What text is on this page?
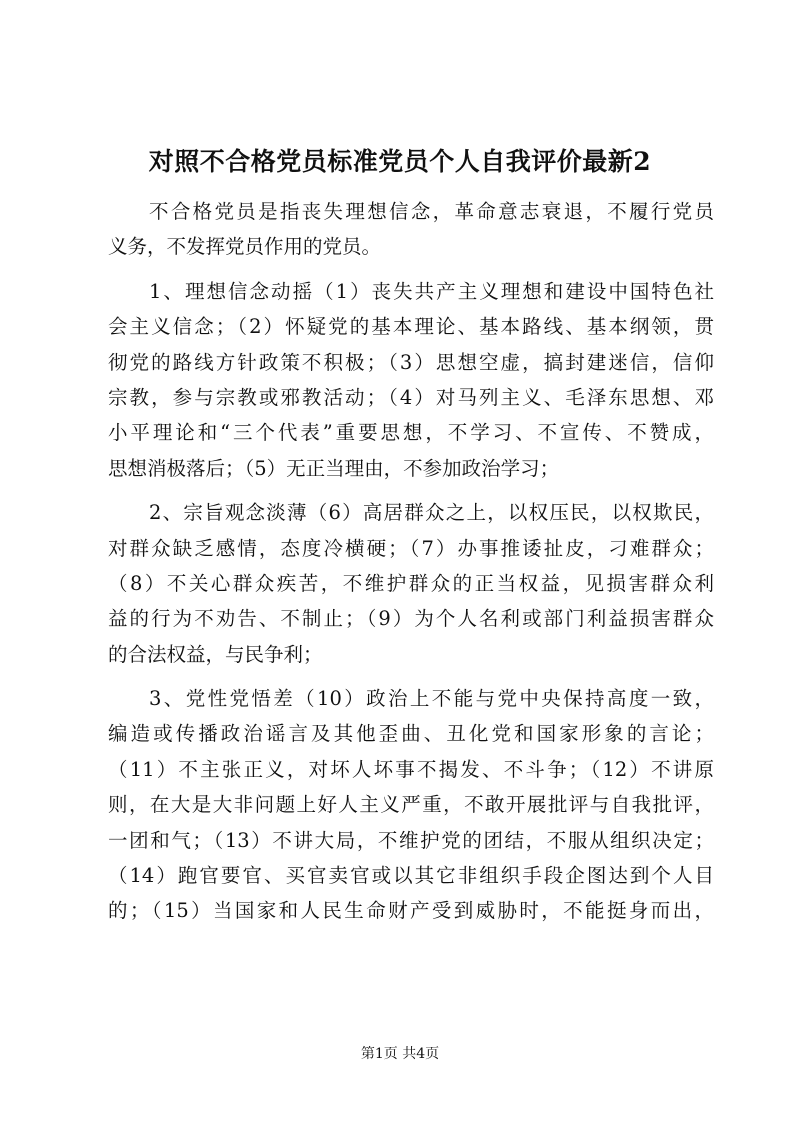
对照不合格党员标准党员个人自我评价最新2
不合格党员是指丧失理想信念，革命意志衰退，不履行党员
义务，不发挥党员作用的党员。
1、理想信念动摇（1）丧失共产主义理想和建设中国特色社
会主义信念；（2）怀疑党的基本理论、基本路线、基本纲领，贯
彻党的路线方针政策不积极；（3）思想空虚，搞封建迷信，信仰
宗教，参与宗教或邪教活动；（4）对马列主义、毛泽东思想、邓
小平理论和“三个代表”重要思想，不学习、不宣传、不赞成，
思想消极落后；（5）无正当理由，不参加政治学习；
2、宗旨观念淡薄（6）高居群众之上，以权压民，以权欺民，
对群众缺乏感情，态度冷横硬；（7）办事推诿扯皮，刁难群众；
（8）不关心群众疾苦，不维护群众的正当权益，见损害群众利
益的行为不劝告、不制止；（9）为个人名利或部门利益损害群众
的合法权益，与民争利；
3、党性党悟差（10）政治上不能与党中央保持高度一致，
编造或传播政治谣言及其他歪曲、丑化党和国家形象的言论；
（11）不主张正义，对坏人坏事不揭发、不斗争；（12）不讲原
则，在大是大非问题上好人主义严重，不敢开展批评与自我批评，
一团和气；（13）不讲大局，不维护党的团结，不服从组织决定；
（14）跑官要官、买官卖官或以其它非组织手段企图达到个人目
的；（15）当国家和人民生命财产受到威胁时，不能挺身而出，
第1页 共4页
